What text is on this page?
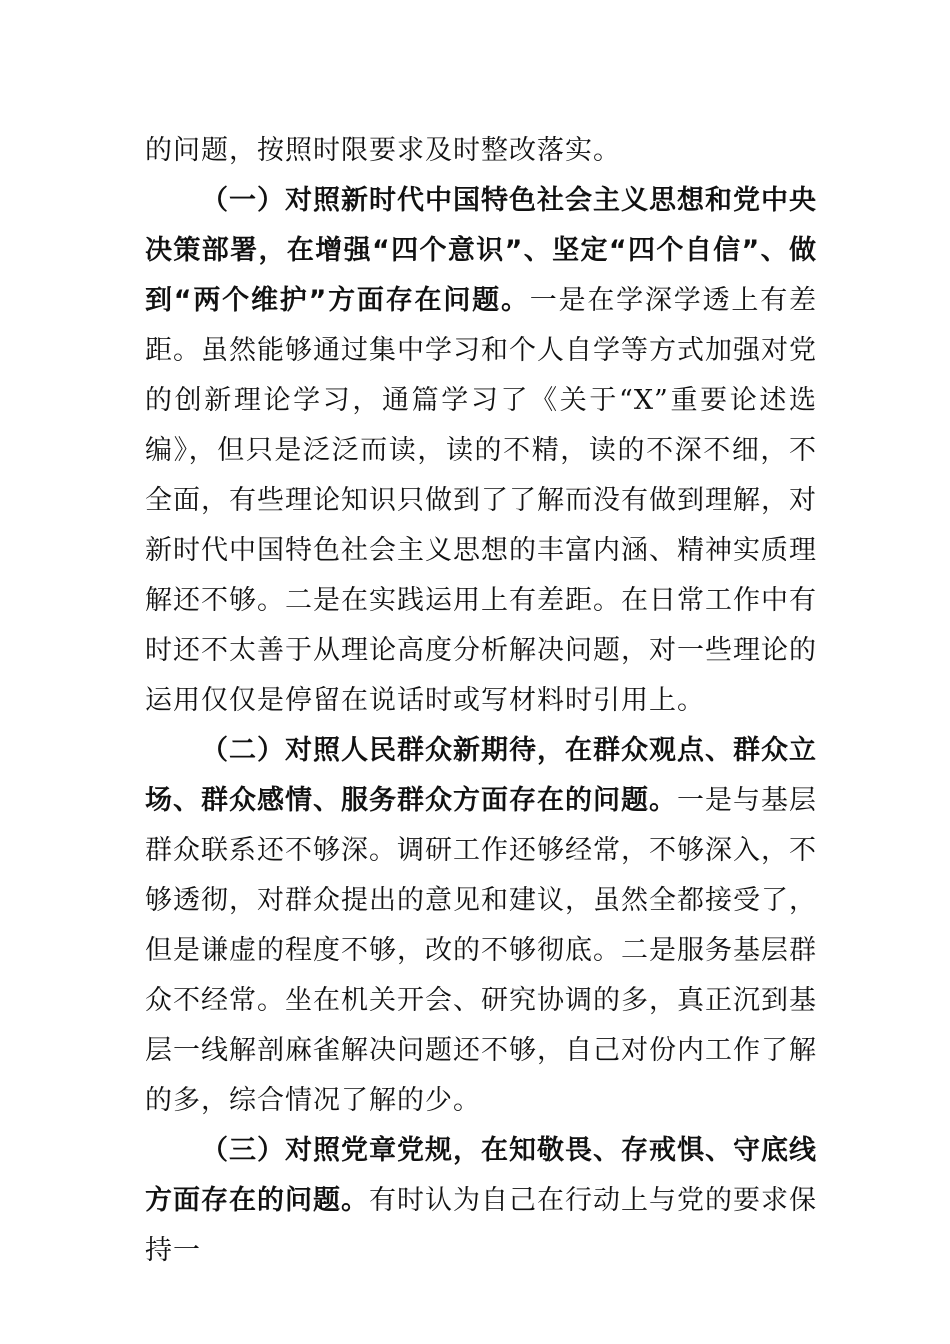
的问题，按照时限要求及时整改落实。

（一）对照新时代中国特色社会主义思想和党中央决策部署，在增强“四个意识”、坚定“四个自信”、做到“两个维护”方面存在问题。一是在学深学透上有差距。虽然能够通过集中学习和个人自学等方式加强对党的创新理论学习，通篇学习了《关于“X”重要论述选编》，但只是泛泛而读，读的不精，读的不深不细，不全面，有些理论知识只做到了了解而没有做到理解，对新时代中国特色社会主义思想的丰富内涵、精神实质理解还不够。二是在实践运用上有差距。在日常工作中有时还不太善于从理论高度分析解决问题，对一些理论的运用仅仅是停留在说话时或写材料时引用上。

（二）对照人民群众新期待，在群众观点、群众立场、群众感情、服务群众方面存在的问题。一是与基层群众联系还不够深。调研工作还够经常，不够深入，不够透彻，对群众提出的意见和建议，虽然全都接受了，但是谦虚的程度不够，改的不够彻底。二是服务基层群众不经常。坐在机关开会、研究协调的多，真正沉到基层一线解剖麻雀解决问题还不够，自己对份内工作了解的多，综合情况了解的少。

（三）对照党章党规，在知敬畏、存戒惧、守底线方面存在的问题。有时认为自己在行动上与党的要求保持一
